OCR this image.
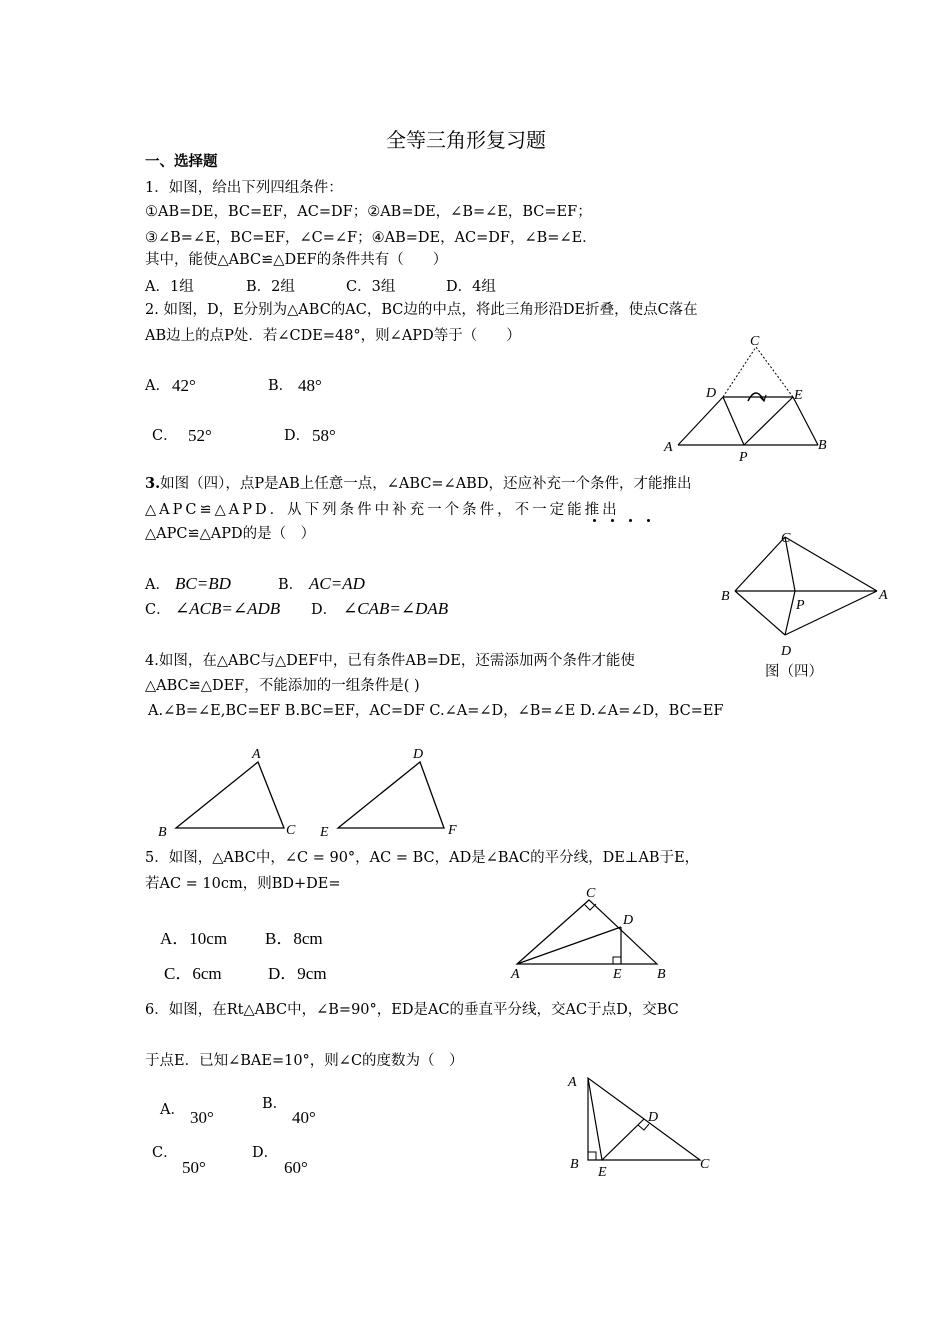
全等三角形复习题
一、选择题
1．如图，给出下列四组条件：
①AB=DE，BC=EF，AC=DF；②AB=DE，∠B=∠E，BC=EF；
③∠B=∠E，BC=EF，∠C=∠F；④AB=DE，AC=DF，∠B=∠E．
其中，能使△ABC≌△DEF的条件共有（　　）
A．1组	B．2组	C．3组	D．4组
2. 如图，D，E分别为△ABC的AC，BC边的中点，将此三角形沿DE折叠，使点C落在
AB边上的点P处．若∠CDE=48°，则∠APD等于（　　）
A． 42°	B． 48°
C． 52°	D． 58°
C
D	E
A
P
B
3.如图（四），点P是AB上任意一点，∠ABC=∠ABD，还应补充一个条件，才能推出
△APC≌△APD．从下列条件中补充一个条件，不一定能推出
△APC≌△APD的是（　）
A． BC=BD	B． AC=AD
C． ∠ACB=∠ADB D． ∠CAB=∠DAB
C
B
P
A
D
图（四）
4.如图，在△ABC与△DEF中，已有条件AB=DE，还需添加两个条件才能使
△ABC≌△DEF，不能添加的一组条件是( )
A.∠B=∠E,BC=EF B.BC=EF，AC=DF C.∠A=∠D，∠B=∠E D.∠A=∠D，BC=EF
A
B	C
D
E	F
5．如图，△ABC中，∠C = 90°，AC = BC，AD是∠BAC的平分线，DE⊥AB于E，
若AC = 10cm，则BD+DE=
A．10cm B．8cm
C．6cm	D．9cm
C
D
A	E	B
6．如图，在Rt△ABC中，∠B=90°，ED是AC的垂直平分线，交AC于点D，交BC
于点E．已知∠BAE=10°，则∠C的度数为（　）
A． 30°
B．
40°
C．
50°
D．
60°
A
D
B
E
C
